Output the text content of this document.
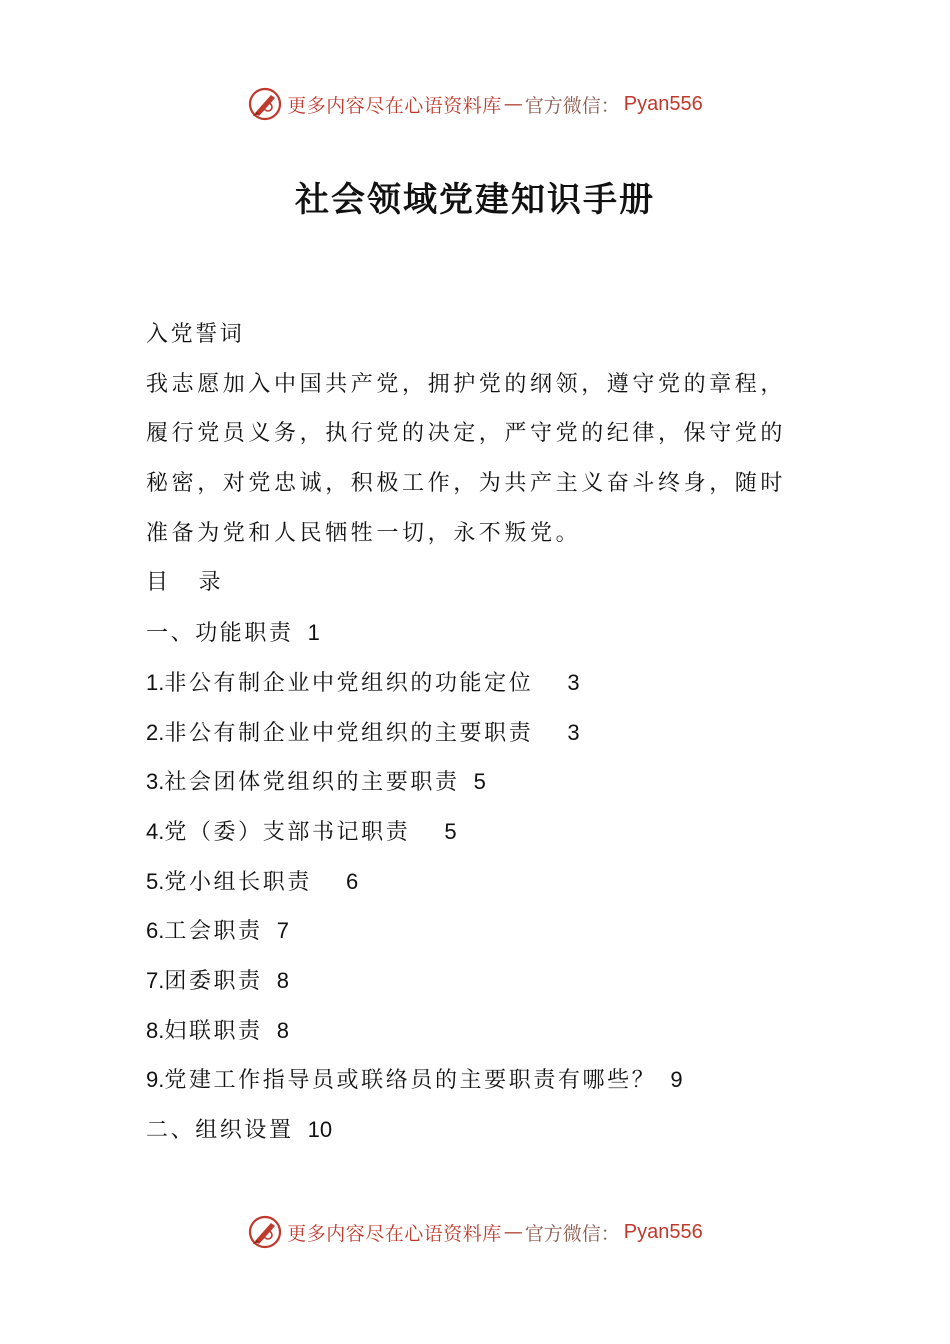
更多内容尽在心语资料库 — 官方微信： Pyan556
社会领域党建知识手册
入党誓词
我志愿加入中国共产党，拥护党的纲领，遵守党的章程，
履行党员义务，执行党的决定，严守党的纪律，保守党的
秘密，对党忠诚，积极工作，为共产主义奋斗终身，随时
准备为党和人民牺牲一切，永不叛党。
目 录
一、功能职责 1
1.非公有制企业中党组织的功能定位 3
2.非公有制企业中党组织的主要职责 3
3.社会团体党组织的主要职责 5
4.党（委）支部书记职责 5
5.党小组长职责 6
6.工会职责 7
7.团委职责 8
8.妇联职责 8
9.党建工作指导员或联络员的主要职责有哪些？ 9
二、组织设置 10
更多内容尽在心语资料库 — 官方微信： Pyan556
